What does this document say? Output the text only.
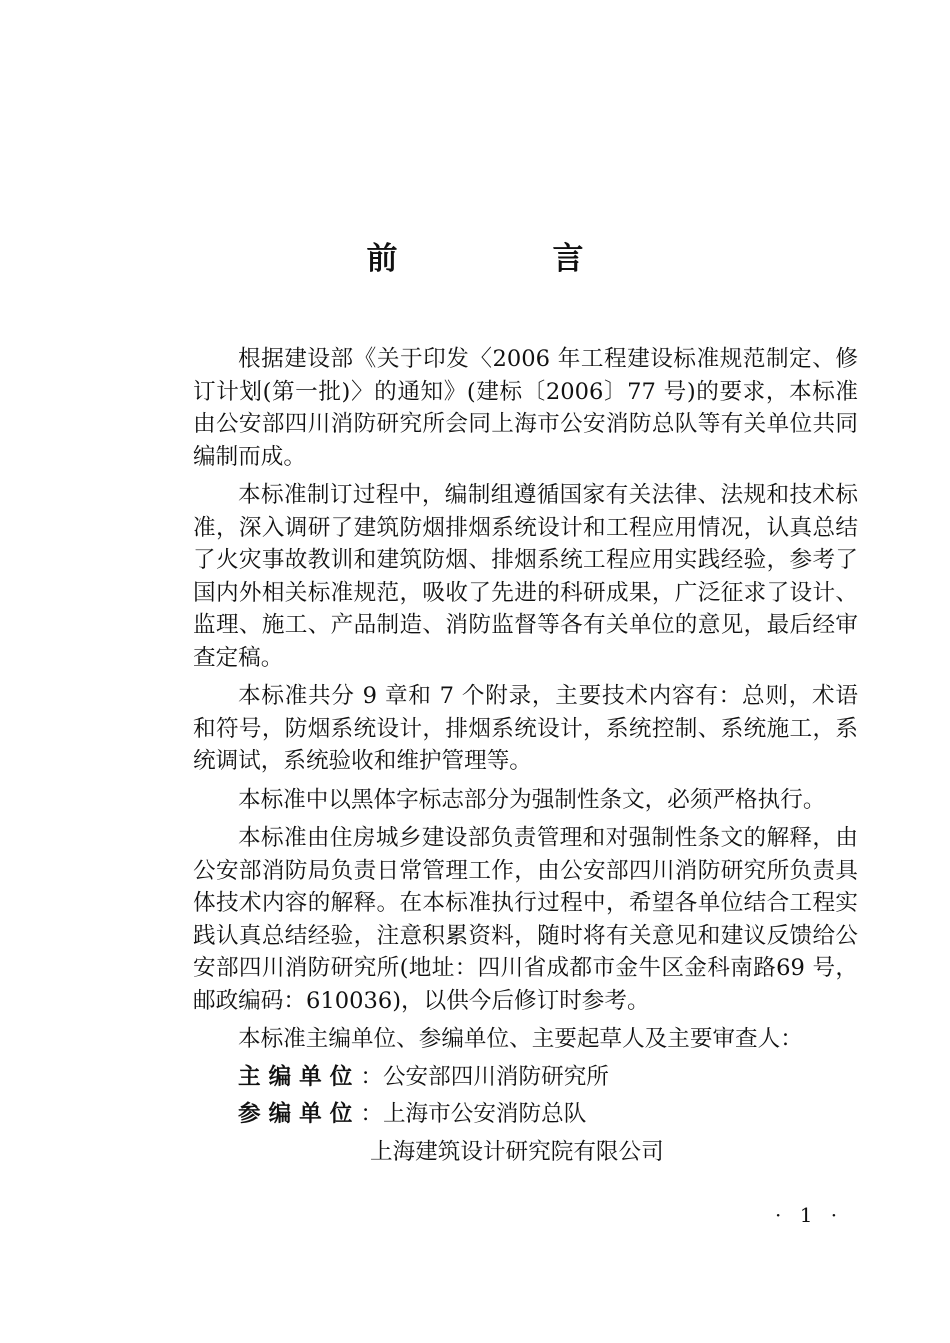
前　言

根据建设部《关于印发〈2006 年工程建设标准规范制定、修订计划(第一批)〉的通知》(建标〔2006〕77 号)的要求，本标准由公安部四川消防研究所会同上海市公安消防总队等有关单位共同编制而成。

本标准制订过程中，编制组遵循国家有关法律、法规和技术标准，深入调研了建筑防烟排烟系统设计和工程应用情况，认真总结了火灾事故教训和建筑防烟、排烟系统工程应用实践经验，参考了国内外相关标准规范，吸收了先进的科研成果，广泛征求了设计、监理、施工、产品制造、消防监督等各有关单位的意见，最后经审查定稿。

本标准共分 9 章和 7 个附录，主要技术内容有：总则，术语和符号，防烟系统设计，排烟系统设计，系统控制、系统施工，系统调试，系统验收和维护管理等。

本标准中以黑体字标志部分为强制性条文，必须严格执行。

本标准由住房城乡建设部负责管理和对强制性条文的解释，由公安部消防局负责日常管理工作，由公安部四川消防研究所负责具体技术内容的解释。在本标准执行过程中，希望各单位结合工程实践认真总结经验，注意积累资料，随时将有关意见和建议反馈给公安部四川消防研究所(地址：四川省成都市金牛区金科南路69 号，邮政编码：610036)，以供今后修订时参考。

本标准主编单位、参编单位、主要起草人及主要审查人：

主编单位：公安部四川消防研究所
参编单位：上海市公安消防总队
上海建筑设计研究院有限公司
· 1 ·
